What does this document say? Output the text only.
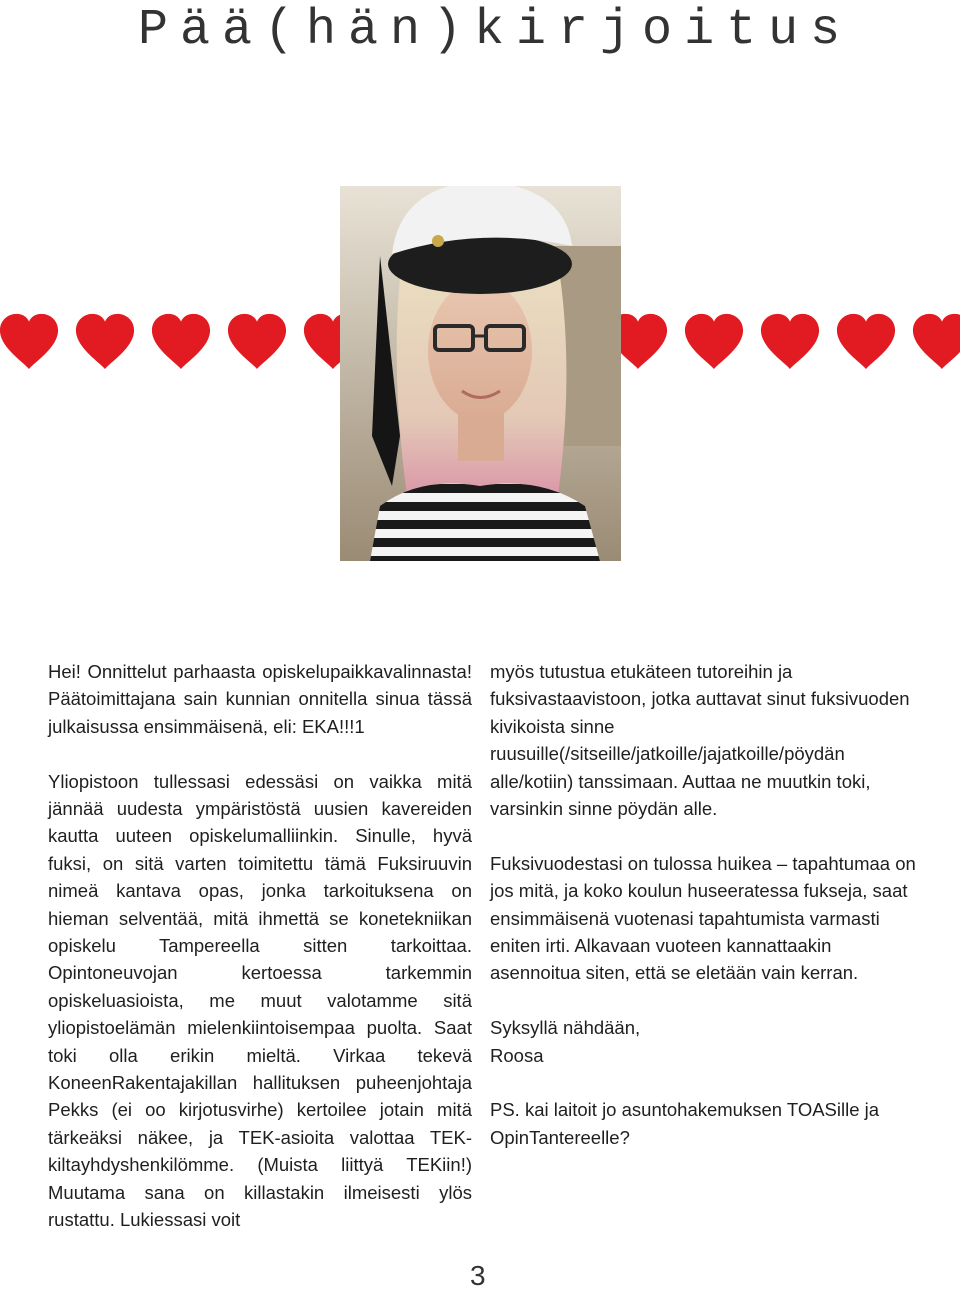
Pää(hän)kirjoitus

Hei! Onnittelut parhaasta opiskelupaikkavalinnasta! Päätoimittajana sain kunnian onnitella sinua tässä julkaisussa ensimmäisenä, eli: EKA!!!1

Yliopistoon tullessasi edessäsi on vaikka mitä jännää uudesta ympäristöstä uusien kavereiden kautta uuteen opiskelumalliinkin. Sinulle, hyvä fuksi, on sitä varten toimitettu tämä Fuksiruuvin nimeä kantava opas, jonka tarkoituksena on hieman selventää, mitä ihmettä se konetekniikan opiskelu Tampereella sitten tarkoittaa. Opintoneuvojan kertoessa tarkemmin opiskeluasioista, me muut valotamme sitä yliopistoelämän mielenkiintoisempaa puolta. Saat toki olla erikin mieltä. Virkaa tekevä KoneenRakentajakillan hallituksen puheenjohtaja Pekks (ei oo kirjotusvirhe) kertoilee jotain mitä tärkeäksi näkee, ja TEK-asioita valottaa TEK-kiltayhdyshenkilömme. (Muista liittyä TEKiin!) Muutama sana on killastakin ilmeisesti ylös rustattu. Lukiessasi voit

myös tutustua etukäteen tutoreihin ja fuksivastaavistoon, jotka auttavat sinut fuksivuoden kivikoista sinne ruusuille(/sitseille/jatkoille/jajatkoille/pöydän alle/kotiin) tanssimaan. Auttaa ne muutkin toki, varsinkin sinne pöydän alle.

Fuksivuodestasi on tulossa huikea – tapahtumaa on jos mitä, ja koko koulun huseeratessa fukseja, saat ensimmäisenä vuotenasi tapahtumista varmasti eniten irti. Alkavaan vuoteen kannattaakin asennoitua siten, että se eletään vain kerran.

Syksyllä nähdään,

Roosa

PS. kai laitoit jo asuntohakemuksen TOASille ja OpinTantereelle?

3
